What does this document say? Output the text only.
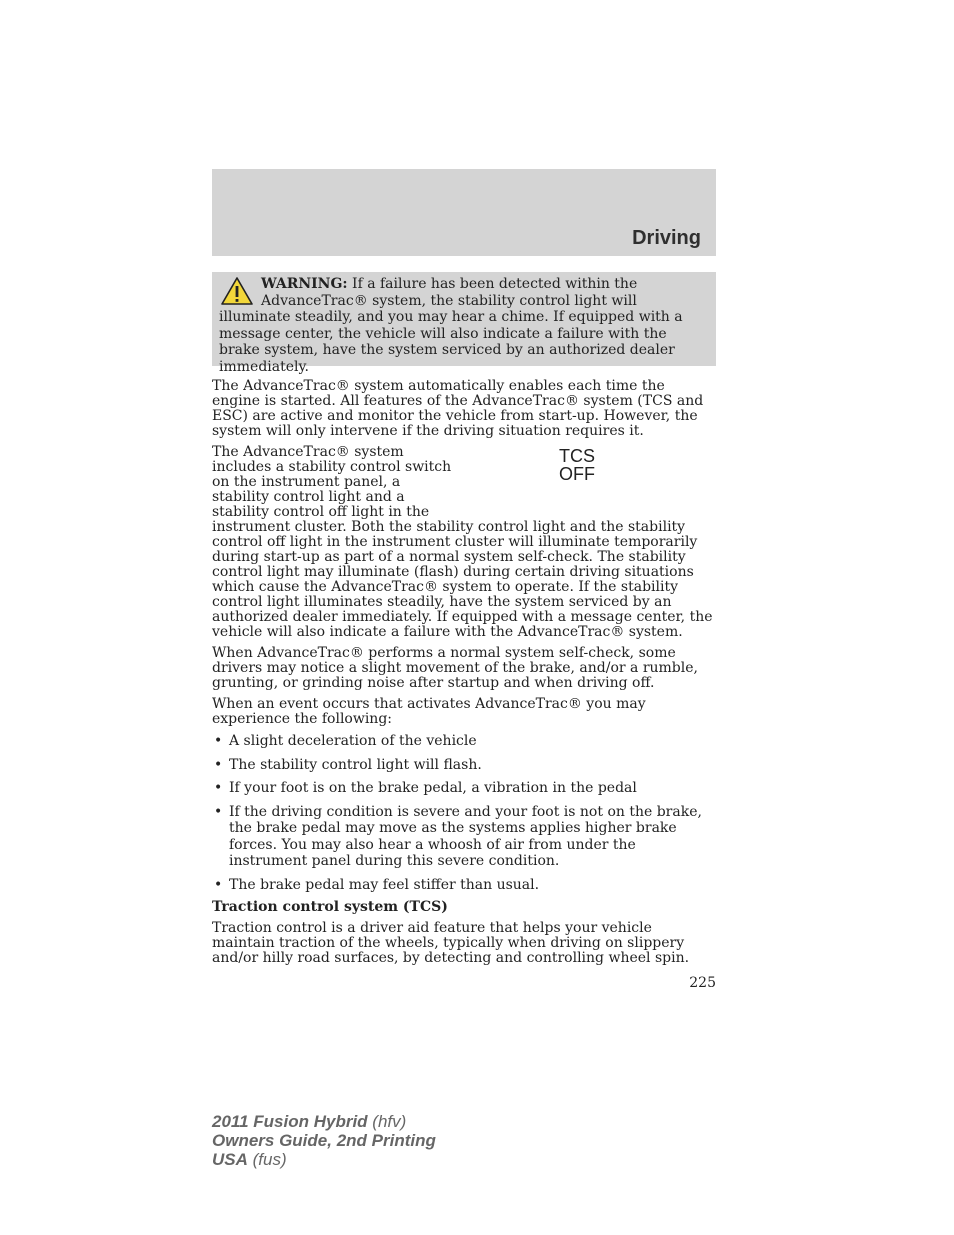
Driving
WARNING: If a failure has been detected within the AdvanceTrac® system, the stability control light will illuminate steadily, and you may hear a chime. If equipped with a message center, the vehicle will also indicate a failure with the brake system, have the system serviced by an authorized dealer immediately.

The AdvanceTrac® system automatically enables each time the engine is started. All features of the AdvanceTrac® system (TCS and ESC) are active and monitor the vehicle from start-up. However, the system will only intervene if the driving situation requires it.

TCS
OFF

The AdvanceTrac® system includes a stability control switch on the instrument panel, a stability control light and a stability control off light in the instrument cluster. Both the stability control light and the stability control off light in the instrument cluster will illuminate temporarily during start-up as part of a normal system self-check. The stability control light may illuminate (flash) during certain driving situations which cause the AdvanceTrac® system to operate. If the stability control light illuminates steadily, have the system serviced by an authorized dealer immediately. If equipped with a message center, the vehicle will also indicate a failure with the AdvanceTrac® system.

When AdvanceTrac® performs a normal system self-check, some drivers may notice a slight movement of the brake, and/or a rumble, grunting, or grinding noise after startup and when driving off.

When an event occurs that activates AdvanceTrac® you may experience the following:

• A slight deceleration of the vehicle
• The stability control light will flash.
• If your foot is on the brake pedal, a vibration in the pedal
• If the driving condition is severe and your foot is not on the brake, the brake pedal may move as the systems applies higher brake forces. You may also hear a whoosh of air from under the instrument panel during this severe condition.
• The brake pedal may feel stiffer than usual.

Traction control system (TCS)

Traction control is a driver aid feature that helps your vehicle maintain traction of the wheels, typically when driving on slippery and/or hilly road surfaces, by detecting and controlling wheel spin.

225
2011 Fusion Hybrid (hfv)
Owners Guide, 2nd Printing
USA (fus)
